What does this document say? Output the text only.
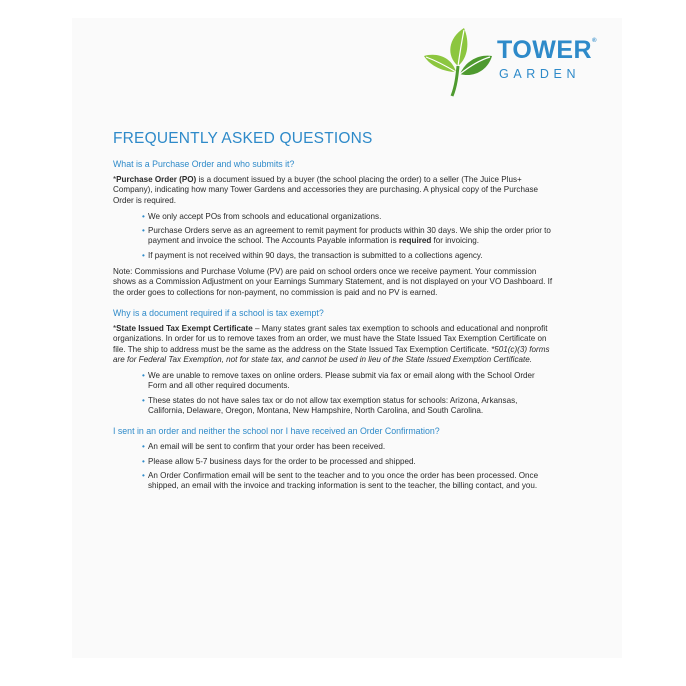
TOWER®
GARDEN
FREQUENTLY ASKED QUESTIONS
What is a Purchase Order and who submits it?
*Purchase Order (PO) is a document issued by a buyer (the school placing the order) to a seller (The Juice Plus+ Company), indicating how many Tower Gardens and accessories they are purchasing. A physical copy of the Purchase Order is required.
• We only accept POs from schools and educational organizations.
• Purchase Orders serve as an agreement to remit payment for products within 30 days. We ship the order prior to payment and invoice the school. The Accounts Payable information is required for invoicing.
• If payment is not received within 90 days, the transaction is submitted to a collections agency.
Note: Commissions and Purchase Volume (PV) are paid on school orders once we receive payment. Your commission shows as a Commission Adjustment on your Earnings Summary Statement, and is not displayed on your VO Dashboard. If the order goes to collections for non-payment, no commission is paid and no PV is earned.
Why is a document required if a school is tax exempt?
*State Issued Tax Exempt Certificate – Many states grant sales tax exemption to schools and educational and nonprofit organizations. In order for us to remove taxes from an order, we must have the State Issued Tax Exemption Certificate on file. The ship to address must be the same as the address on the State Issued Tax Exemption Certificate. *501(c)(3) forms are for Federal Tax Exemption, not for state tax, and cannot be used in lieu of the State Issued Exemption Certificate.
• We are unable to remove taxes on online orders. Please submit via fax or email along with the School Order Form and all other required documents.
• These states do not have sales tax or do not allow tax exemption status for schools: Arizona, Arkansas, California, Delaware, Oregon, Montana, New Hampshire, North Carolina, and South Carolina.
I sent in an order and neither the school nor I have received an Order Confirmation?
• An email will be sent to confirm that your order has been received.
• Please allow 5-7 business days for the order to be processed and shipped.
• An Order Confirmation email will be sent to the teacher and to you once the order has been processed. Once shipped, an email with the invoice and tracking information is sent to the teacher, the billing contact, and you.
